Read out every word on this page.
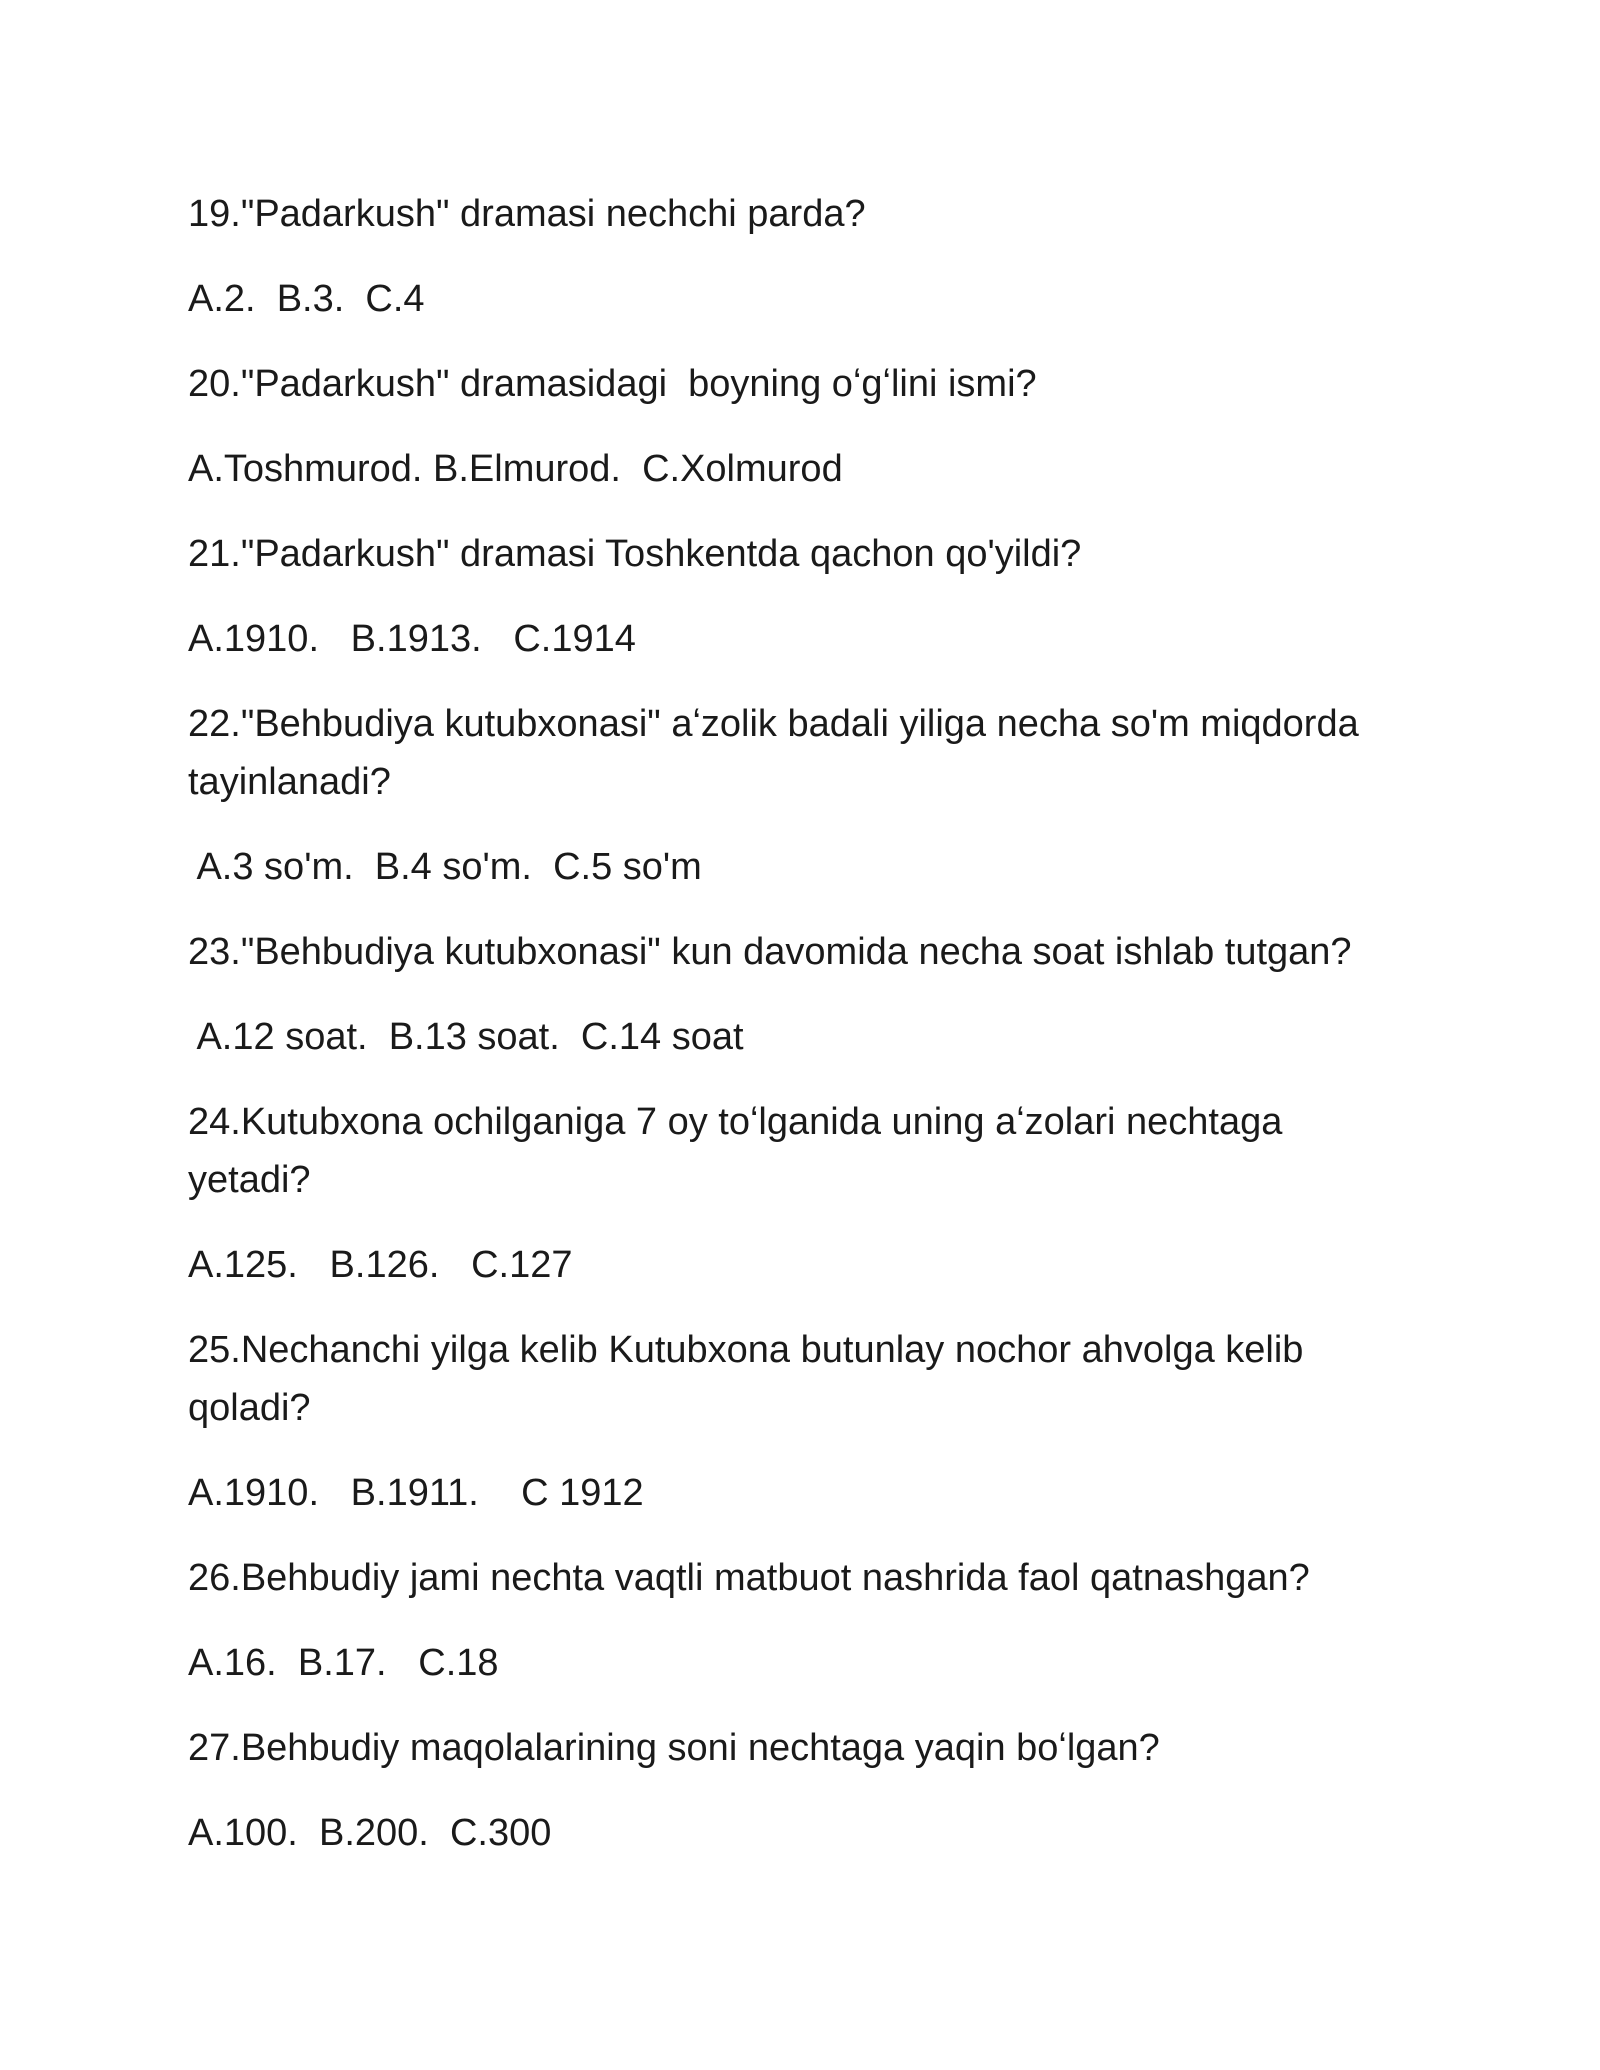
19."Padarkush" dramasi nechchi parda?

A.2.  B.3.  C.4

20."Padarkush" dramasidagi  boyning oʻgʻlini ismi?

A.Toshmurod. B.Elmurod.  C.Xolmurod

21."Padarkush" dramasi Toshkentda qachon qo'yildi?

A.1910.   B.1913.   C.1914

22."Behbudiya kutubxonasi" aʻzolik badali yiliga necha so'm miqdorda

tayinlanadi?

A.3 so'm.  B.4 so'm.  C.5 so'm

23."Behbudiya kutubxonasi" kun davomida necha soat ishlab tutgan?

A.12 soat.  B.13 soat.  C.14 soat

24.Kutubxona ochilganiga 7 oy toʻlganida uning aʻzolari nechtaga

yetadi?

A.125.   B.126.   C.127

25.Nechanchi yilga kelib Kutubxona butunlay nochor ahvolga kelib

qoladi?

A.1910.   B.1911.    C 1912

26.Behbudiy jami nechta vaqtli matbuot nashrida faol qatnashgan?

A.16.  B.17.   C.18

27.Behbudiy maqolalarining soni nechtaga yaqin boʻlgan?

A.100.  B.200.  C.300
